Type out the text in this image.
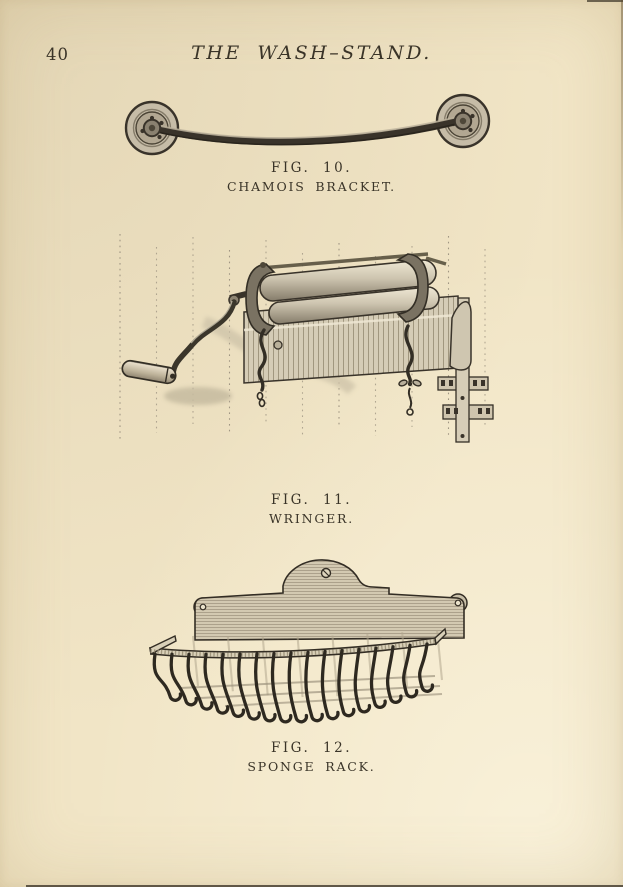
40	THE WASH–STAND.
FIG. 10.
CHAMOIS BRACKET.
FIG. 11.
WRINGER.
FIG. 12.
SPONGE RACK.
